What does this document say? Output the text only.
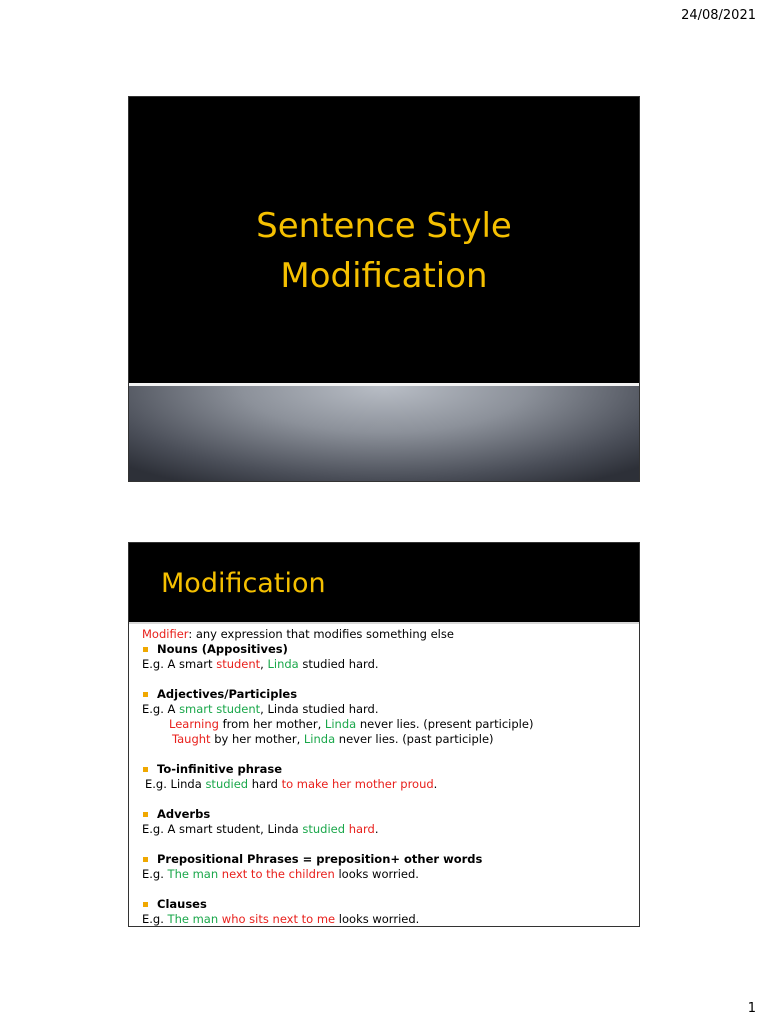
24/08/2021
Sentence Style
Modification
Modification
Modifier: any expression that modifies something else
Nouns (Appositives)
E.g. A smart student, Linda studied hard.
Adjectives/Participles
E.g. A smart student, Linda studied hard.
Learning from her mother, Linda never lies. (present participle)
Taught by her mother, Linda never lies. (past participle)
To-infinitive phrase
E.g. Linda studied hard to make her mother proud.
Adverbs
E.g. A smart student, Linda studied hard.
Prepositional Phrases = preposition+ other words
E.g. The man next to the children looks worried.
Clauses
E.g. The man who sits next to me looks worried.
1
